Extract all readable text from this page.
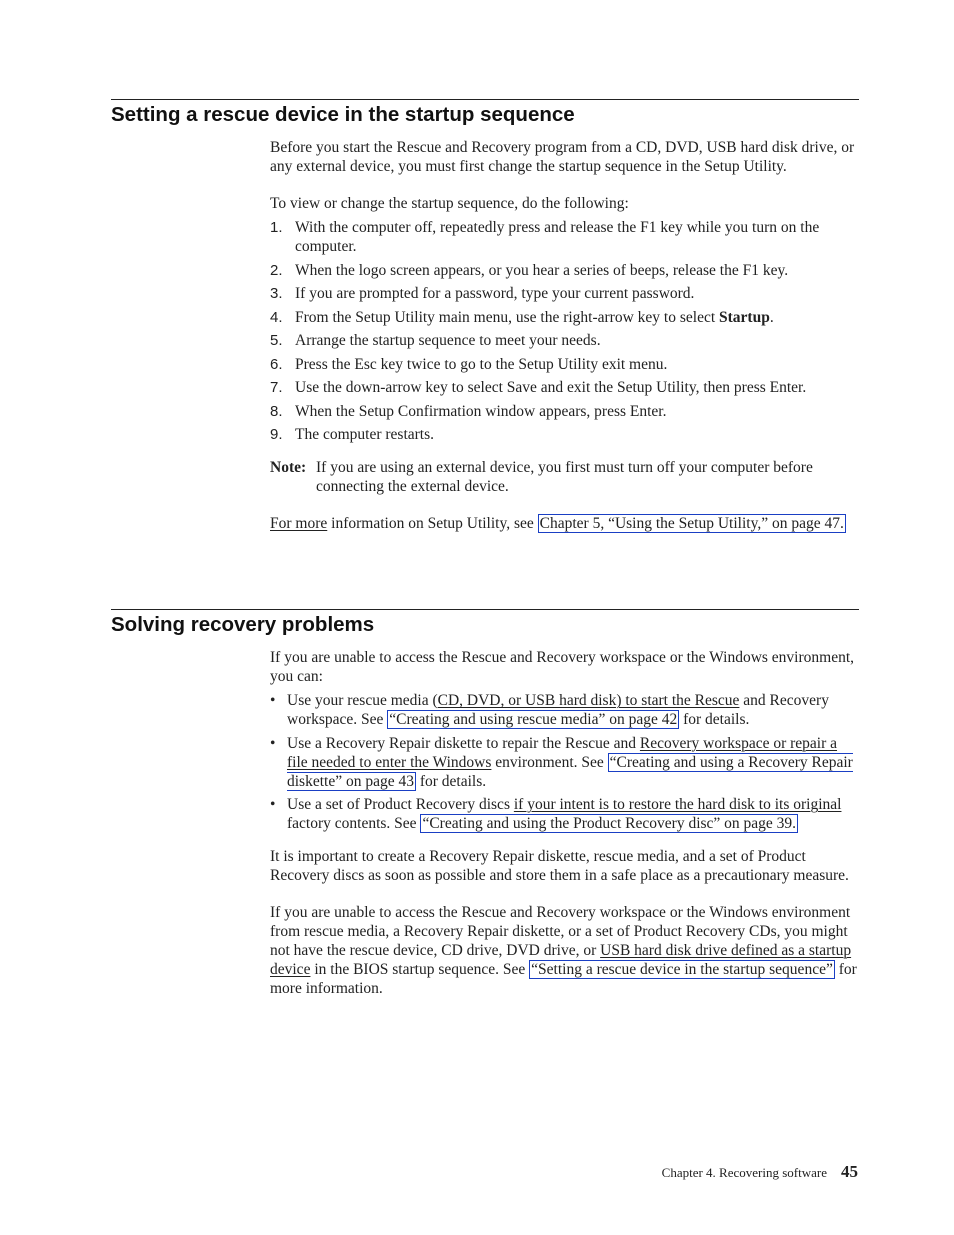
Setting a rescue device in the startup sequence

Before you start the Rescue and Recovery program from a CD, DVD, USB hard disk drive, or any external device, you must first change the startup sequence in the Setup Utility.

To view or change the startup sequence, do the following:

1. With the computer off, repeatedly press and release the F1 key while you turn on the computer.
2. When the logo screen appears, or you hear a series of beeps, release the F1 key.
3. If you are prompted for a password, type your current password.
4. From the Setup Utility main menu, use the right-arrow key to select Startup.
5. Arrange the startup sequence to meet your needs.
6. Press the Esc key twice to go to the Setup Utility exit menu.
7. Use the down-arrow key to select Save and exit the Setup Utility, then press Enter.
8. When the Setup Confirmation window appears, press Enter.
9. The computer restarts.
Note: If you are using an external device, you first must turn off your computer before connecting the external device.

For more information on Setup Utility, see Chapter 5, “Using the Setup Utility,” on page 47.

Solving recovery problems

If you are unable to access the Rescue and Recovery workspace or the Windows environment, you can:

• Use your rescue media (CD, DVD, or USB hard disk) to start the Rescue and Recovery workspace. See “Creating and using rescue media” on page 42 for details.
• Use a Recovery Repair diskette to repair the Rescue and Recovery workspace or repair a file needed to enter the Windows environment. See “Creating and using a Recovery Repair diskette” on page 43 for details.
• Use a set of Product Recovery discs if your intent is to restore the hard disk to its original factory contents. See “Creating and using the Product Recovery disc” on page 39.

It is important to create a Recovery Repair diskette, rescue media, and a set of Product Recovery discs as soon as possible and store them in a safe place as a precautionary measure.

If you are unable to access the Rescue and Recovery workspace or the Windows environment from rescue media, a Recovery Repair diskette, or a set of Product Recovery CDs, you might not have the rescue device, CD drive, DVD drive, or USB hard disk drive defined as a startup device in the BIOS startup sequence. See “Setting a rescue device in the startup sequence” for more information.

Chapter 4. Recovering software 45
